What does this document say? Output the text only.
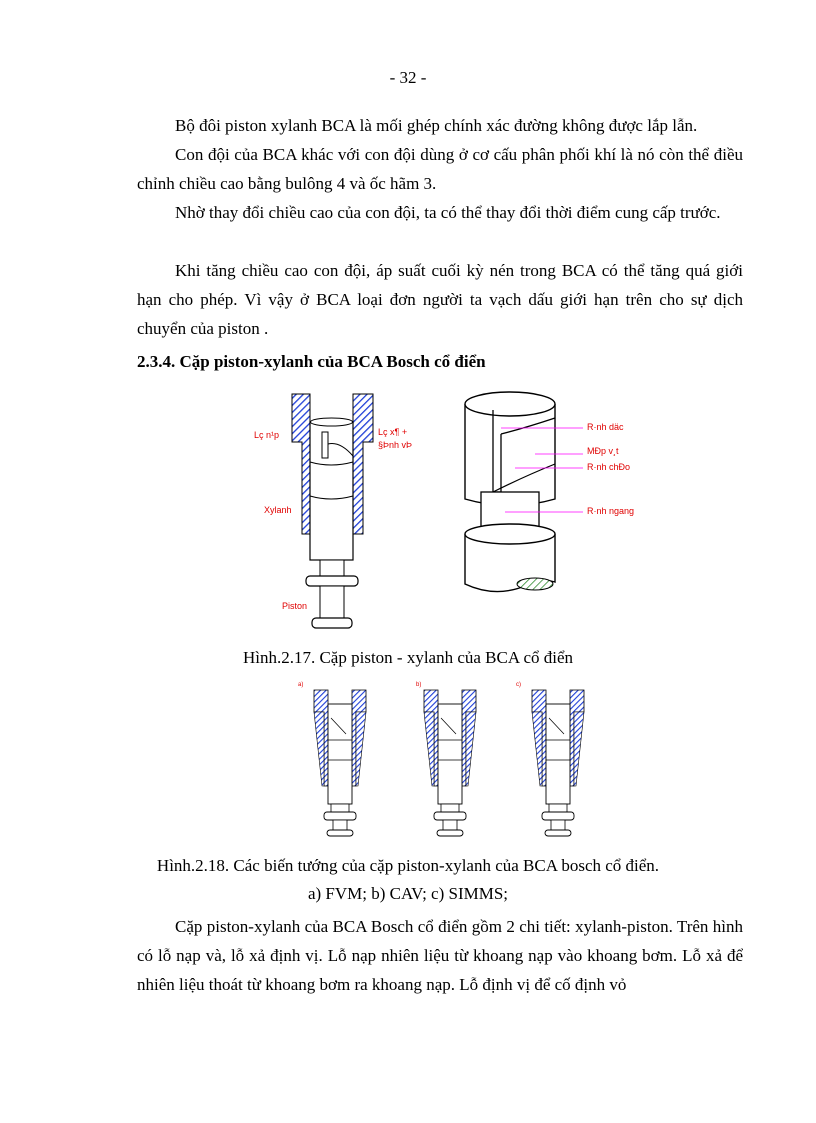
- 32 -

Bộ đôi piston xylanh BCA là mối ghép chính xác đường không được lắp lẫn.

Con đội của BCA khác với con đội dùng ở cơ cấu phân phối khí là nó còn thể điều chỉnh chiều cao bằng bulông 4 và ốc hãm 3.

Nhờ thay đổi chiều cao của con đội, ta có thể thay đổi thời điểm cung cấp trước.

Khi tăng chiều cao con đội, áp suất cuối kỳ nén trong BCA có thể tăng quá giới hạn cho phép. Vì vậy ở BCA loại đơn người ta vạch dấu giới hạn trên cho sự dịch chuyển của piston .

2.3.4. Cặp piston-xylanh của BCA Bosch cổ điển
Lç n¹p	Lç x¶ +
§Þnh vÞ
Xylanh
Piston
R·nh däc
MÐp v¸t
R·nh chÐo
R·nh ngang
Hình.2.17. Cặp piston - xylanh của BCA cổ điển
a)	b)	c)
Hình.2.18. Các biến tướng của cặp piston-xylanh của BCA bosch cổ điển.
a) FVM; b) CAV; c) SIMMS;

Cặp piston-xylanh của BCA Bosch cổ điển gồm 2 chi tiết: xylanh-piston. Trên hình có lỗ nạp và, lỗ xả định vị. Lỗ nạp nhiên liệu từ khoang nạp vào khoang bơm. Lỗ xả để nhiên liệu thoát từ khoang bơm ra khoang nạp. Lỗ định vị để cố định vỏ
